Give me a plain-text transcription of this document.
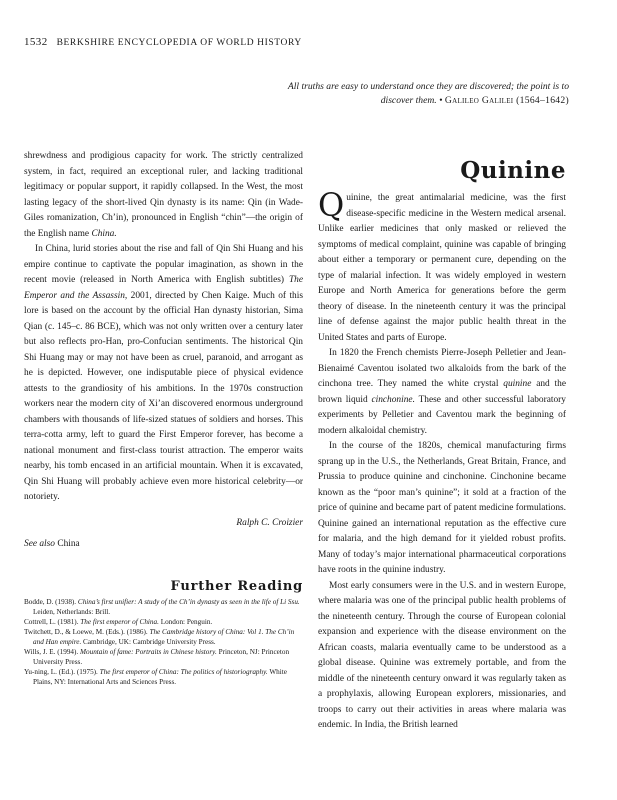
1532 BERKSHIRE ENCYCLOPEDIA OF WORLD HISTORY
All truths are easy to understand once they are discovered; the point is to discover them. • Galileo Galilei (1564–1642)

shrewdness and prodigious capacity for work. The strictly centralized system, in fact, required an exceptional ruler, and lacking traditional legitimacy or popular support, it rapidly collapsed. In the West, the most lasting legacy of the short-lived Qin dynasty is its name: Qin (in Wade-Giles romanization, Ch’in), pronounced in English “chin”—the origin of the English name China.

In China, lurid stories about the rise and fall of Qin Shi Huang and his empire continue to captivate the popular imagination, as shown in the recent movie (released in North America with English subtitles) The Emperor and the Assassin, 2001, directed by Chen Kaige. Much of this lore is based on the account by the official Han dynasty historian, Sima Qian (c. 145–c. 86 BCE), which was not only written over a century later but also reflects pro-Han, pro-Confucian sentiments. The historical Qin Shi Huang may or may not have been as cruel, paranoid, and arrogant as he is depicted. However, one indisputable piece of physical evidence attests to the grandiosity of his ambitions. In the 1970s construction workers near the modern city of Xi’an discovered enormous underground chambers with thousands of life-sized statues of soldiers and horses. This terra-cotta army, left to guard the First Emperor forever, has become a national monument and first-class tourist attraction. The emperor waits nearby, his tomb encased in an artificial mountain. When it is excavated, Qin Shi Huang will probably achieve even more historical celebrity—or notoriety.

Ralph C. Croizier
See also China
Further Reading

Bodde, D. (1938). China’s first unifier: A study of the Ch’in dynasty as seen in the life of Li Ssu. Leiden, Netherlands: Brill.

Cottrell, L. (1981). The first emperor of China. London: Penguin.

Twitchett, D., & Loewe, M. (Eds.). (1986). The Cambridge history of China: Vol 1. The Ch’in and Han empire. Cambridge, UK: Cambridge University Press.

Wills, J. E. (1994). Mountain of fame: Portraits in Chinese history. Princeton, NJ: Princeton University Press.

Yu-ning, L. (Ed.). (1975). The first emperor of China: The politics of historiography. White Plains, NY: International Arts and Sciences Press.

Quinine

Quinine, the great antimalarial medicine, was the first disease-specific medicine in the Western medical arsenal. Unlike earlier medicines that only masked or relieved the symptoms of medical complaint, quinine was capable of bringing about either a temporary or permanent cure, depending on the type of malarial infection. It was widely employed in western Europe and North America for generations before the germ theory of disease. In the nineteenth century it was the principal line of defense against the major public health threat in the United States and parts of Europe.

In 1820 the French chemists Pierre-Joseph Pelletier and Jean-Bienaimé Caventou isolated two alkaloids from the bark of the cinchona tree. They named the white crystal quinine and the brown liquid cinchonine. These and other successful laboratory experiments by Pelletier and Caventou mark the beginning of modern alkaloidal chemistry.

In the course of the 1820s, chemical manufacturing firms sprang up in the U.S., the Netherlands, Great Britain, France, and Prussia to produce quinine and cinchonine. Cinchonine became known as the “poor man’s quinine”; it sold at a fraction of the price of quinine and became part of patent medicine formulations. Quinine gained an international reputation as the effective cure for malaria, and the high demand for it yielded robust profits. Many of today’s major international pharmaceutical corporations have roots in the quinine industry.

Most early consumers were in the U.S. and in western Europe, where malaria was one of the principal public health problems of the nineteenth century. Through the course of European colonial expansion and experience with the disease environment on the African coasts, malaria eventually came to be understood as a global disease. Quinine was extremely portable, and from the middle of the nineteenth century onward it was regularly taken as a prophylaxis, allowing European explorers, missionaries, and troops to carry out their activities in areas where malaria was endemic. In India, the British learned
